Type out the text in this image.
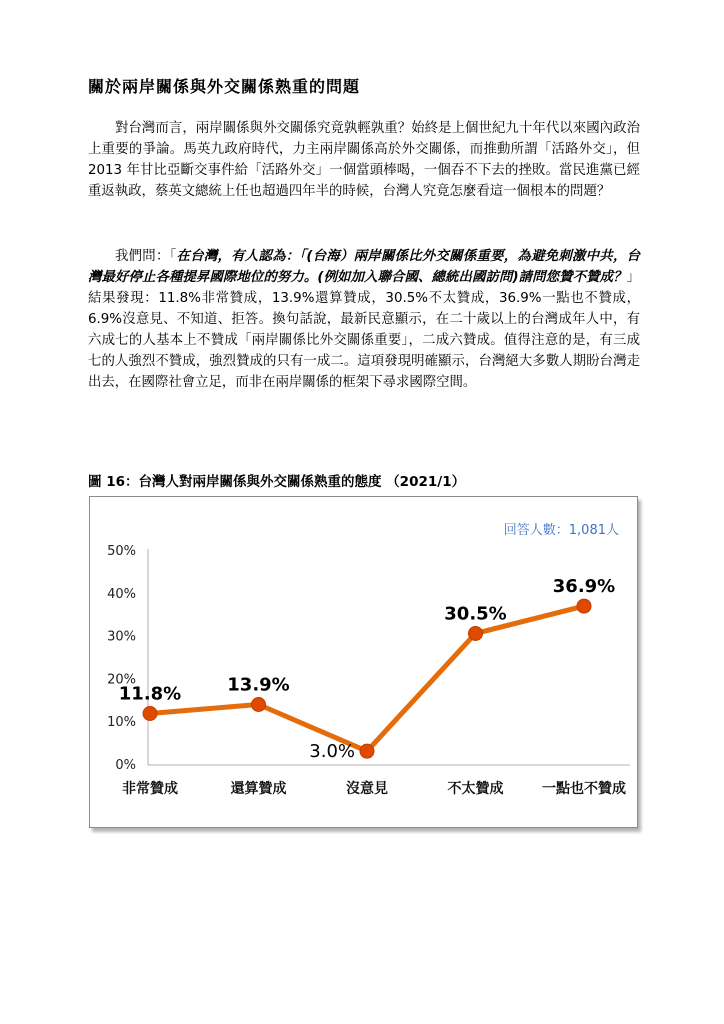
關於兩岸關係與外交關係熟重的問題

對台灣而言，兩岸關係與外交關係究竟孰輕孰重？始終是上個世紀九十年代以來國內政治上重要的爭論。馬英九政府時代，力主兩岸關係高於外交關係，而推動所謂「活路外交」，但 2013 年甘比亞斷交事件給「活路外交」一個當頭棒喝，一個吞不下去的挫敗。當民進黨已經重返執政，蔡英文總統上任也超過四年半的時候，台灣人究竟怎麼看這一個根本的問題？

我們問：「在台灣，有人認為：「(台海）兩岸關係比外交關係重要，為避免刺激中共，台灣最好停止各種提昇國際地位的努力。(例如加入聯合國、總統出國訪問)請問您贊不贊成？」結果發現：11.8%非常贊成，13.9%還算贊成，30.5%不太贊成，36.9%一點也不贊成，6.9%沒意見、不知道、拒答。換句話說，最新民意顯示，在二十歲以上的台灣成年人中，有六成七的人基本上不贊成「兩岸關係比外交關係重要」，二成六贊成。值得注意的是，有三成七的人強烈不贊成，強烈贊成的只有一成二。這項發現明確顯示，台灣絕大多數人期盼台灣走出去，在國際社會立足，而非在兩岸關係的框架下尋求國際空間。

圖 16：台灣人對兩岸關係與外交關係熟重的態度 （2021/1）

回答人數：1,081人
0%
10%
20%
30%
40%
50%
非常贊成	還算贊成	沒意見	不太贊成	一點也不贊成
11.8%	13.9%
3.0%
30.5%
36.9%
